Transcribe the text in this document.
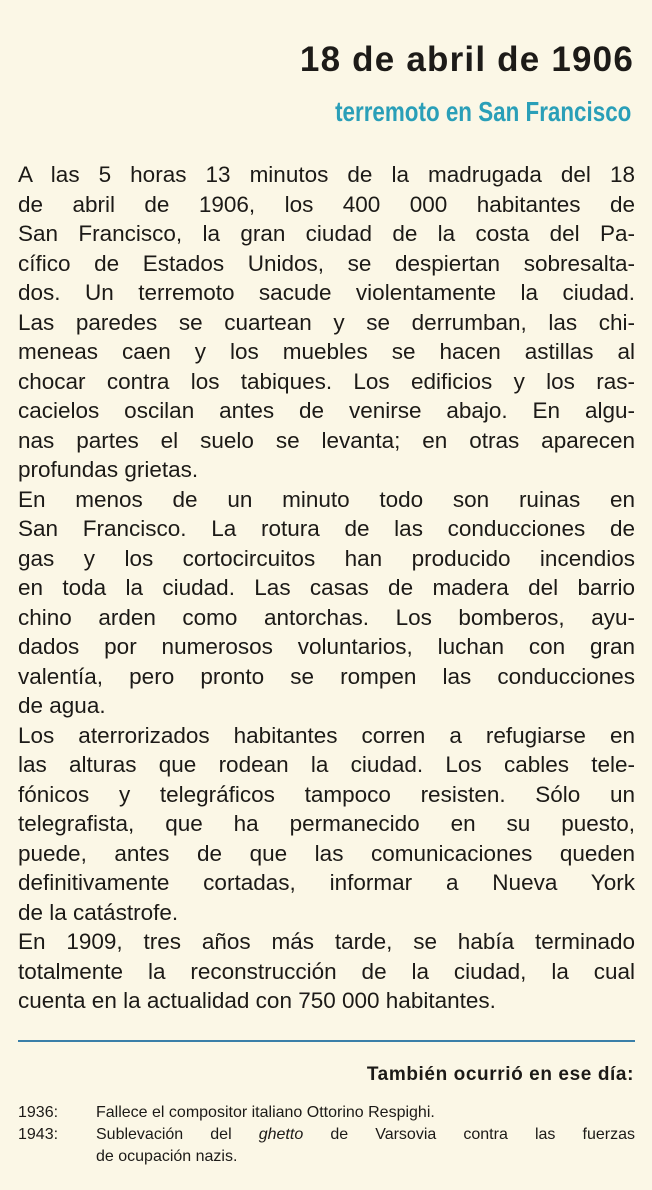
18 de abril de 1906
terremoto en San Francisco
A las 5 horas 13 minutos de la madrugada del 18
de abril de 1906, los 400 000 habitantes de
San Francisco, la gran ciudad de la costa del Pa-
cífico de Estados Unidos, se despiertan sobresalta-
dos. Un terremoto sacude violentamente la ciudad.
Las paredes se cuartean y se derrumban, las chi-
meneas caen y los muebles se hacen astillas al
chocar contra los tabiques. Los edificios y los ras-
cacielos oscilan antes de venirse abajo. En algu-
nas partes el suelo se levanta; en otras aparecen
profundas grietas.
En menos de un minuto todo son ruinas en
San Francisco. La rotura de las conducciones de
gas y los cortocircuitos han producido incendios
en toda la ciudad. Las casas de madera del barrio
chino arden como antorchas. Los bomberos, ayu-
dados por numerosos voluntarios, luchan con gran
valentía, pero pronto se rompen las conducciones
de agua.
Los aterrorizados habitantes corren a refugiarse en
las alturas que rodean la ciudad. Los cables tele-
fónicos y telegráficos tampoco resisten. Sólo un
telegrafista, que ha permanecido en su puesto,
puede, antes de que las comunicaciones queden
definitivamente cortadas, informar a Nueva York
de la catástrofe.
En 1909, tres años más tarde, se había terminado
totalmente la reconstrucción de la ciudad, la cual
cuenta en la actualidad con 750 000 habitantes.
También ocurrió en ese día:
1936:	Fallece el compositor italiano Ottorino Respighi.
1943:	Sublevación del ghetto de Varsovia contra las fuerzas
de ocupación nazis.
